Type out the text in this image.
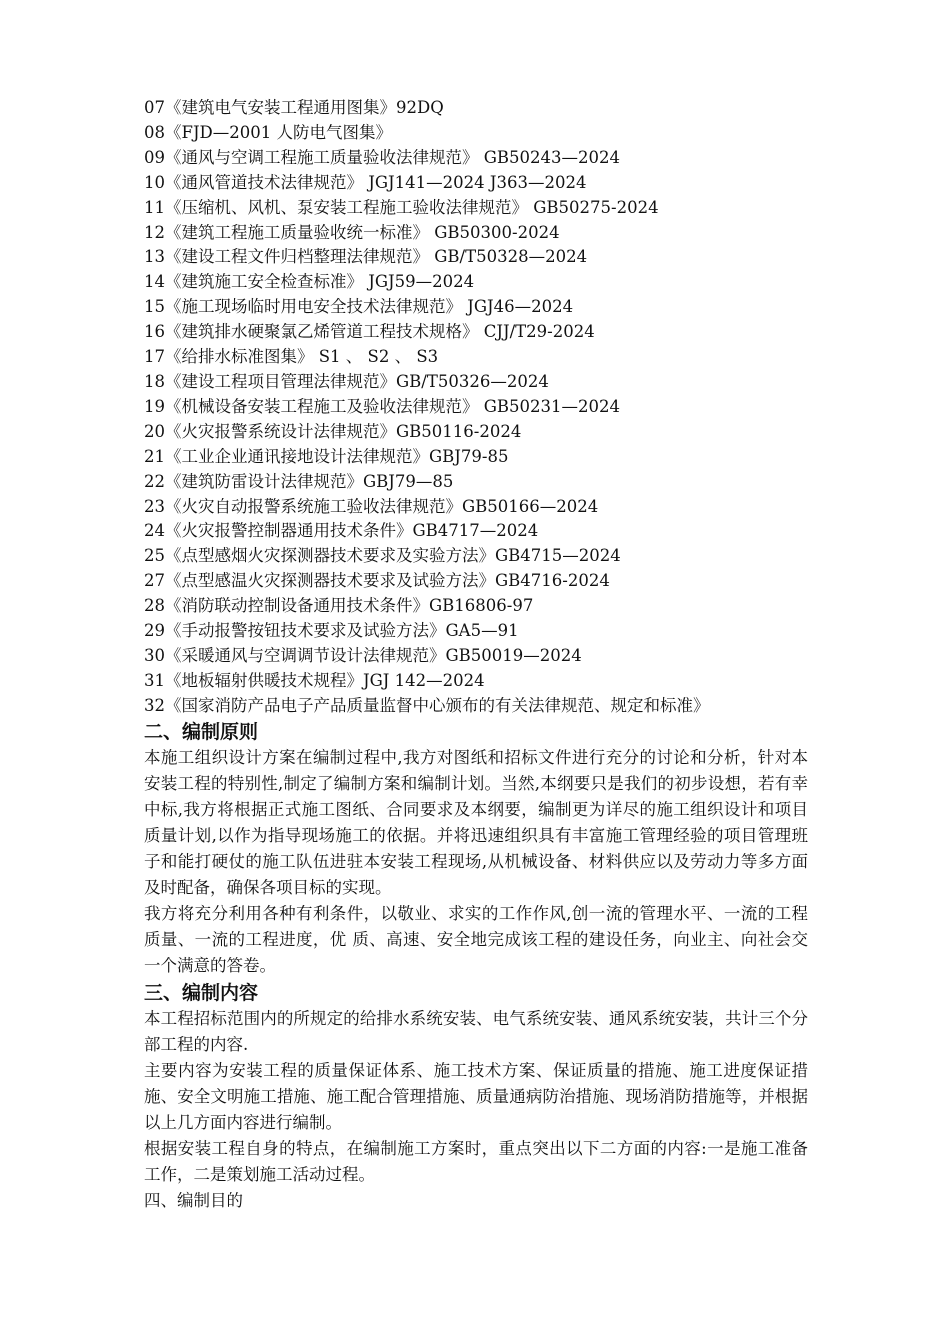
07《建筑电气安装工程通用图集》92DQ
08《FJD—2001 人防电气图集》
09《通风与空调工程施工质量验收法律规范》 GB50243—2024
10《通风管道技术法律规范》 JGJ141—2024 J363—2024
11《压缩机、风机、泵安装工程施工验收法律规范》 GB50275-2024
12《建筑工程施工质量验收统一标准》 GB50300-2024
13《建设工程文件归档整理法律规范》 GB/T50328—2024
14《建筑施工安全检查标准》 JGJ59—2024
15《施工现场临时用电安全技术法律规范》 JGJ46—2024
16《建筑排水硬聚氯乙烯管道工程技术规格》 CJJ/T29-2024
17《给排水标准图集》 S1 、 S2 、 S3
18《建设工程项目管理法律规范》GB/T50326—2024
19《机械设备安装工程施工及验收法律规范》 GB50231—2024
20《火灾报警系统设计法律规范》GB50116-2024
21《工业企业通讯接地设计法律规范》GBJ79-85
22《建筑防雷设计法律规范》GBJ79—85
23《火灾自动报警系统施工验收法律规范》GB50166—2024
24《火灾报警控制器通用技术条件》GB4717—2024
25《点型感烟火灾探测器技术要求及实验方法》GB4715—2024
27《点型感温火灾探测器技术要求及试验方法》GB4716-2024
28《消防联动控制设备通用技术条件》GB16806-97
29《手动报警按钮技术要求及试验方法》GA5—91
30《采暖通风与空调调节设计法律规范》GB50019—2024
31《地板辐射供暖技术规程》JGJ 142—2024
32《国家消防产品电子产品质量监督中心颁布的有关法律规范、规定和标准》
二、编制原则

本施工组织设计方案在编制过程中,我方对图纸和招标文件进行充分的讨论和分析，针对本安装工程的特别性,制定了编制方案和编制计划。当然,本纲要只是我们的初步设想，若有幸中标,我方将根据正式施工图纸、合同要求及本纲要，编制更为详尽的施工组织设计和项目质量计划,以作为指导现场施工的依据。并将迅速组织具有丰富施工管理经验的项目管理班子和能打硬仗的施工队伍进驻本安装工程现场,从机械设备、材料供应以及劳动力等多方面及时配备，确保各项目标的实现。

我方将充分利用各种有利条件，以敬业、求实的工作作风,创一流的管理水平、一流的工程质量、一流的工程进度，优 质、高速、安全地完成该工程的建设任务，向业主、向社会交一个满意的答卷。

三、编制内容

本工程招标范围内的所规定的给排水系统安装、电气系统安装、通风系统安装，共计三个分部工程的内容.

主要内容为安装工程的质量保证体系、施工技术方案、保证质量的措施、施工进度保证措施、安全文明施工措施、施工配合管理措施、质量通病防治措施、现场消防措施等，并根据以上几方面内容进行编制。

根据安装工程自身的特点，在编制施工方案时，重点突出以下二方面的内容:一是施工准备工作，二是策划施工活动过程。

四、编制目的
